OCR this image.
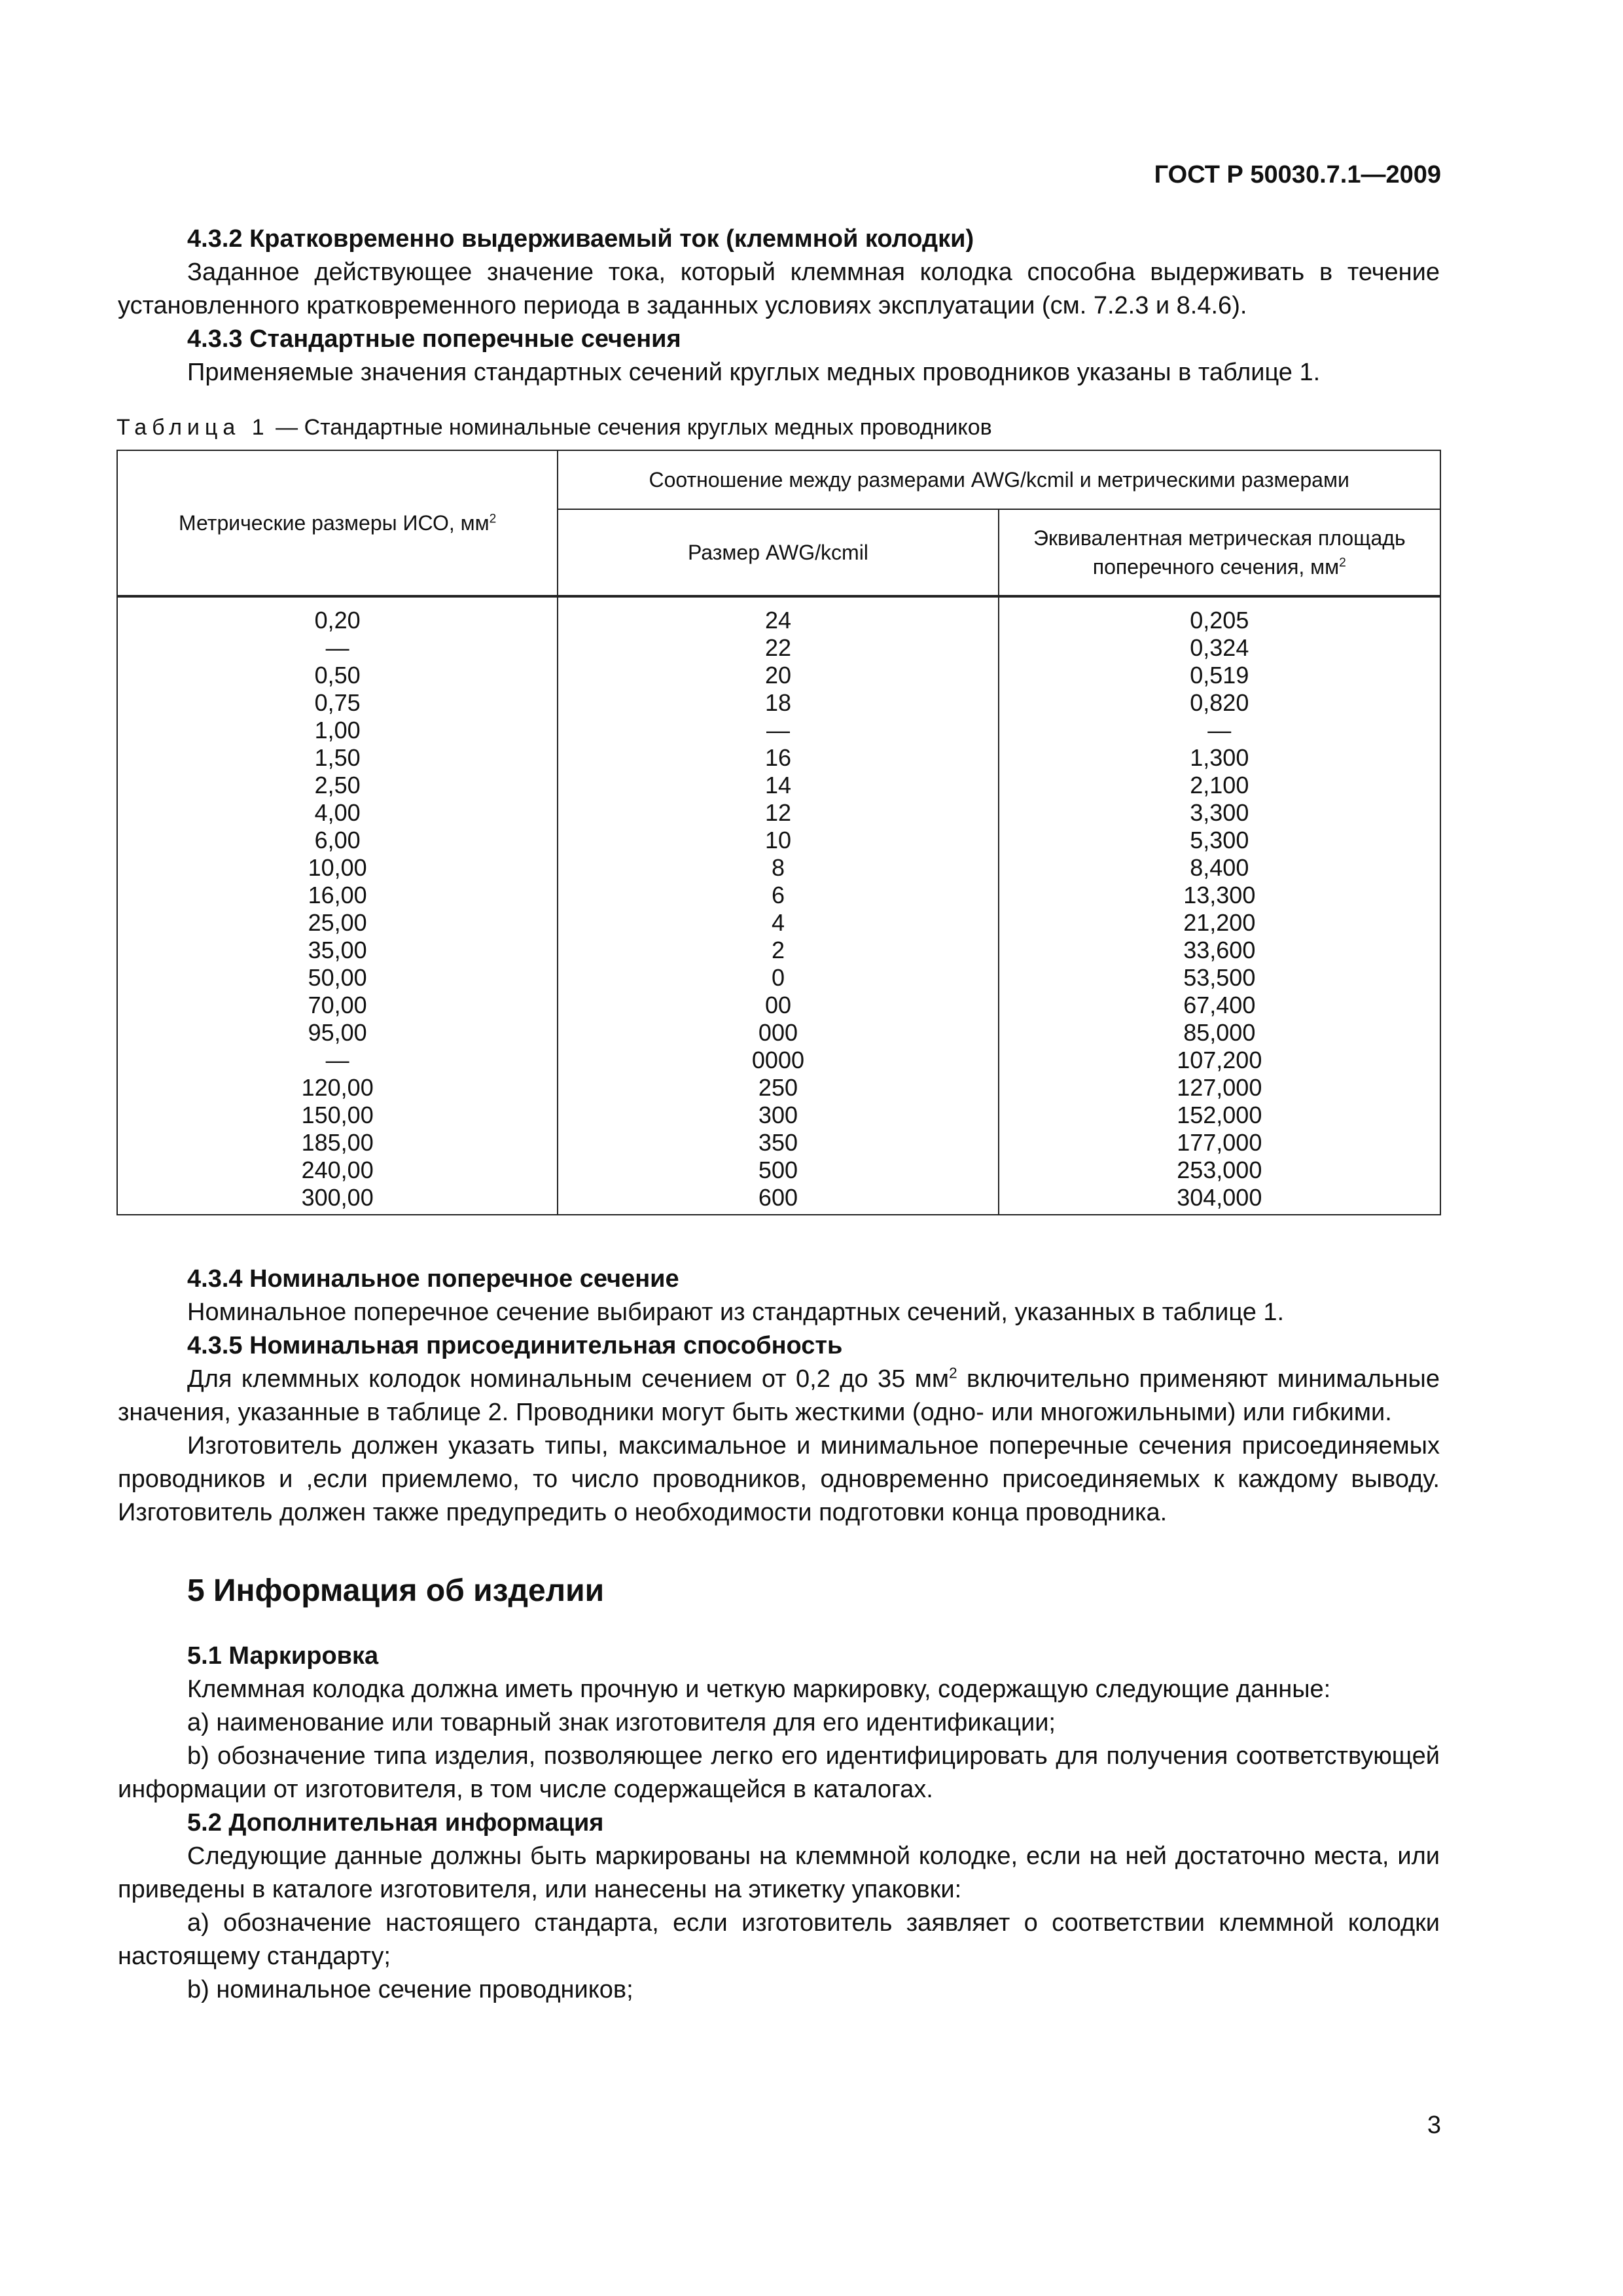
ГОСТ Р 50030.7.1—2009

4.3.2 Кратковременно выдерживаемый ток (клеммной колодки)

Заданное действующее значение тока, который клеммная колодка способна выдерживать в течение установленного кратковременного периода в заданных условиях эксплуатации (см. 7.2.3 и 8.4.6).

4.3.3 Стандартные поперечные сечения

Применяемые значения стандартных сечений круглых медных проводников указаны в таблице 1.

Таблица 1 — Стандартные номинальные сечения круглых медных проводников
Метрические размеры ИСО, $мм^2$	Соотношение между размерами AWG/kcmil и метрическими размерами	
	Размер AWG/kcmil	Эквивалентная метрическая площадь поперечного сечения, $мм^2$
0,20	24	0,205
—	22	0,324
0,50	20	0,519
0,75	18	0,820
1,00	—	—
1,50	16	1,300
2,50	14	2,100
4,00	12	3,300
6,00	10	5,300
10,00	8	8,400
16,00	6	13,300
25,00	4	21,200
35,00	2	33,600
50,00	0	53,500
70,00	00	67,400
95,00	000	85,000
—	0000	107,200
120,00	250	127,000
150,00	300	152,000
185,00	350	177,000
240,00	500	253,000
300,00	600	304,000

4.3.4 Номинальное поперечное сечение

Номинальное поперечное сечение выбирают из стандартных сечений, указанных в таблице 1.

4.3.5 Номинальная присоединительная способность

Для клеммных колодок номинальным сечением от 0,2 до 35 $мм^2$ включительно применяют минимальные значения, указанные в таблице 2. Проводники могут быть жесткими (одно- или многожильными) или гибкими.

Изготовитель должен указать типы, максимальное и минимальное поперечные сечения присоединяемых проводников и ,если приемлемо, то число проводников, одновременно присоединяемых к каждому выводу. Изготовитель должен также предупредить о необходимости подготовки конца проводника.

5 Информация об изделии

5.1 Маркировка

Клеммная колодка должна иметь прочную и четкую маркировку, содержащую следующие данные:

а) наименование или товарный знак изготовителя для его идентификации;

b) обозначение типа изделия, позволяющее легко его идентифицировать для получения соответствующей информации от изготовителя, в том числе содержащейся в каталогах.

5.2 Дополнительная информация

Следующие данные должны быть маркированы на клеммной колодке, если на ней достаточно места, или приведены в каталоге изготовителя, или нанесены на этикетку упаковки:

а) обозначение настоящего стандарта, если изготовитель заявляет о соответствии клеммной колодки настоящему стандарту;

b) номинальное сечение проводников;

3
